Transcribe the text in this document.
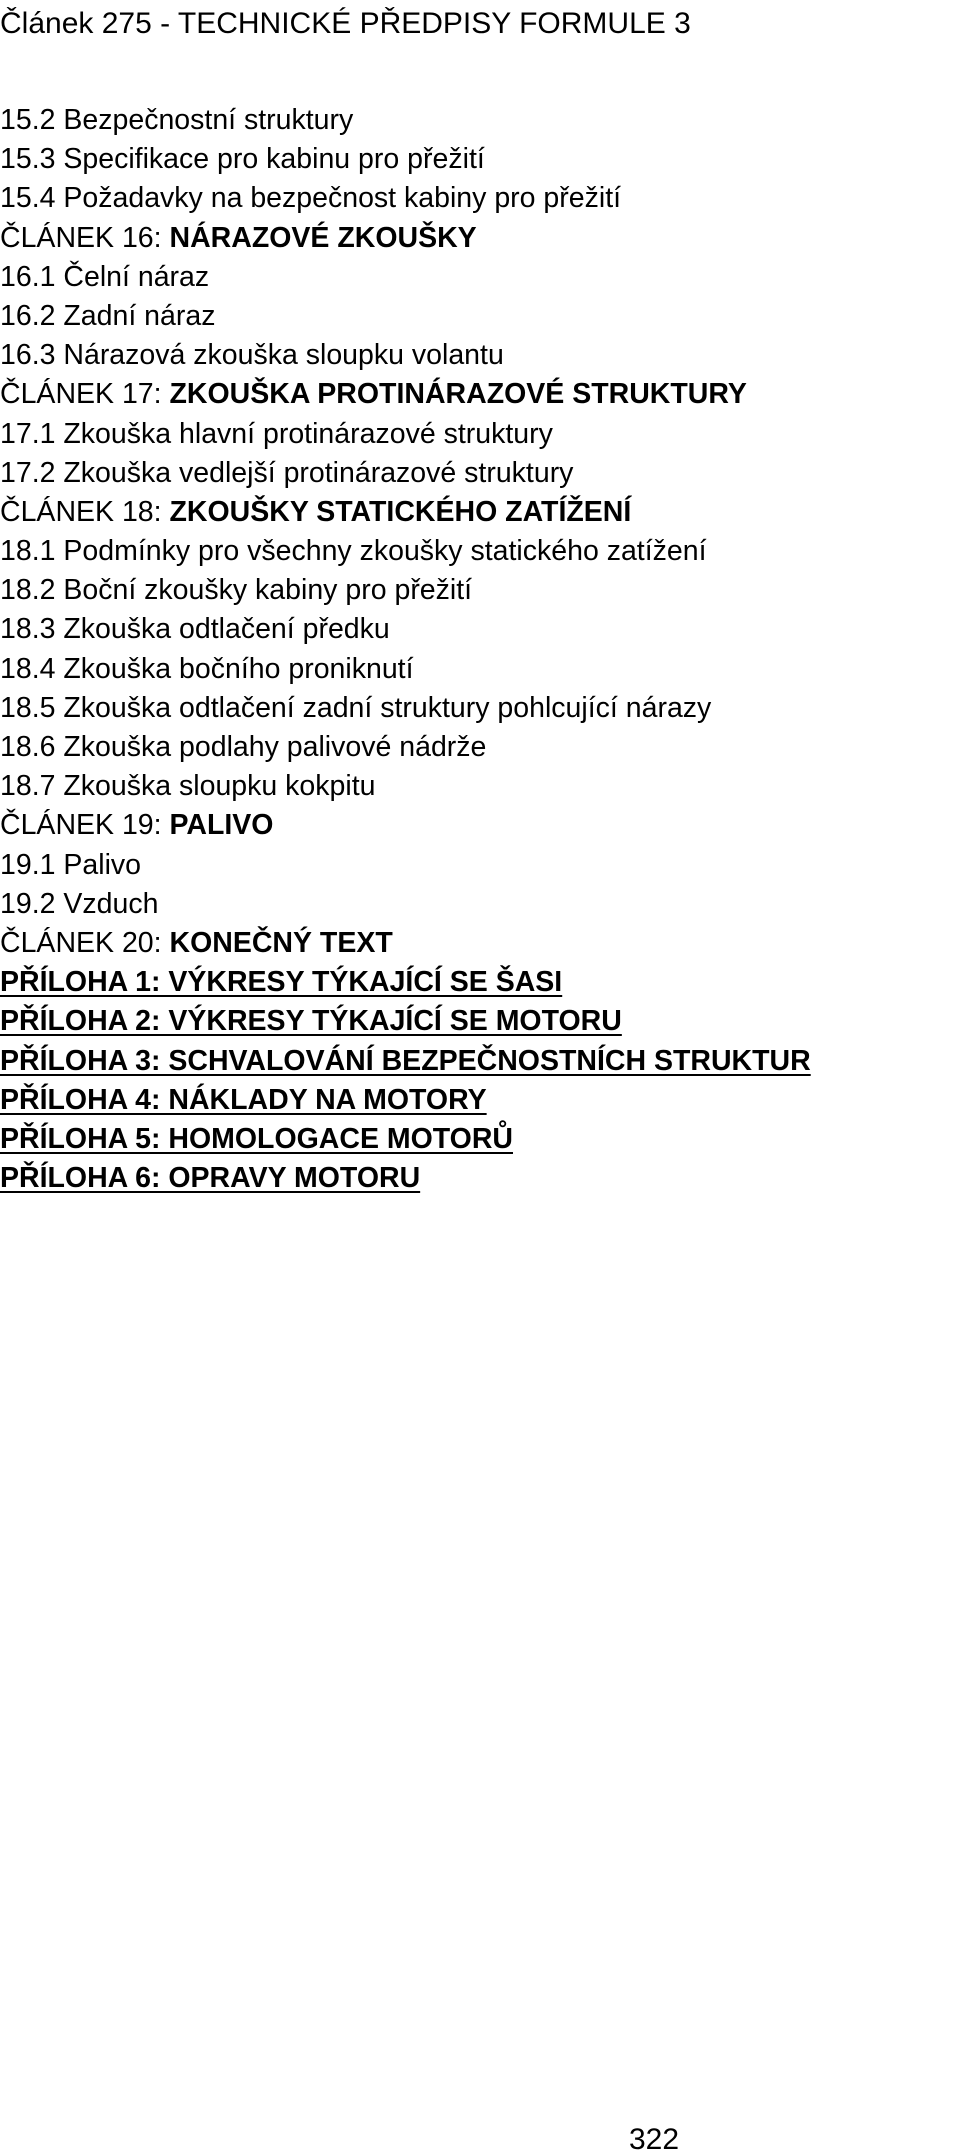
Článek 275 - TECHNICKÉ PŘEDPISY FORMULE 3
15.2 Bezpečnostní struktury
15.3 Specifikace pro kabinu pro přežití
15.4 Požadavky na bezpečnost kabiny pro přežití
ČLÁNEK 16: NÁRAZOVÉ ZKOUŠKY
16.1 Čelní náraz
16.2 Zadní náraz
16.3 Nárazová zkouška sloupku volantu
ČLÁNEK 17: ZKOUŠKA PROTINÁRAZOVÉ STRUKTURY
17.1 Zkouška hlavní protinárazové struktury
17.2 Zkouška vedlejší protinárazové struktury
ČLÁNEK 18: ZKOUŠKY STATICKÉHO ZATÍŽENÍ
18.1 Podmínky pro všechny zkoušky statického zatížení
18.2 Boční zkoušky kabiny pro přežití
18.3 Zkouška odtlačení předku
18.4 Zkouška bočního proniknutí
18.5 Zkouška odtlačení zadní struktury pohlcující nárazy
18.6 Zkouška podlahy palivové nádrže
18.7 Zkouška sloupku kokpitu
ČLÁNEK 19: PALIVO
19.1 Palivo
19.2 Vzduch
ČLÁNEK 20: KONEČNÝ TEXT
PŘÍLOHA 1: VÝKRESY TÝKAJÍCÍ SE ŠASI
PŘÍLOHA 2: VÝKRESY TÝKAJÍCÍ SE MOTORU
PŘÍLOHA 3: SCHVALOVÁNÍ BEZPEČNOSTNÍCH STRUKTUR
PŘÍLOHA 4: NÁKLADY NA MOTORY
PŘÍLOHA 5: HOMOLOGACE MOTORŮ
PŘÍLOHA 6: OPRAVY MOTORU
322
